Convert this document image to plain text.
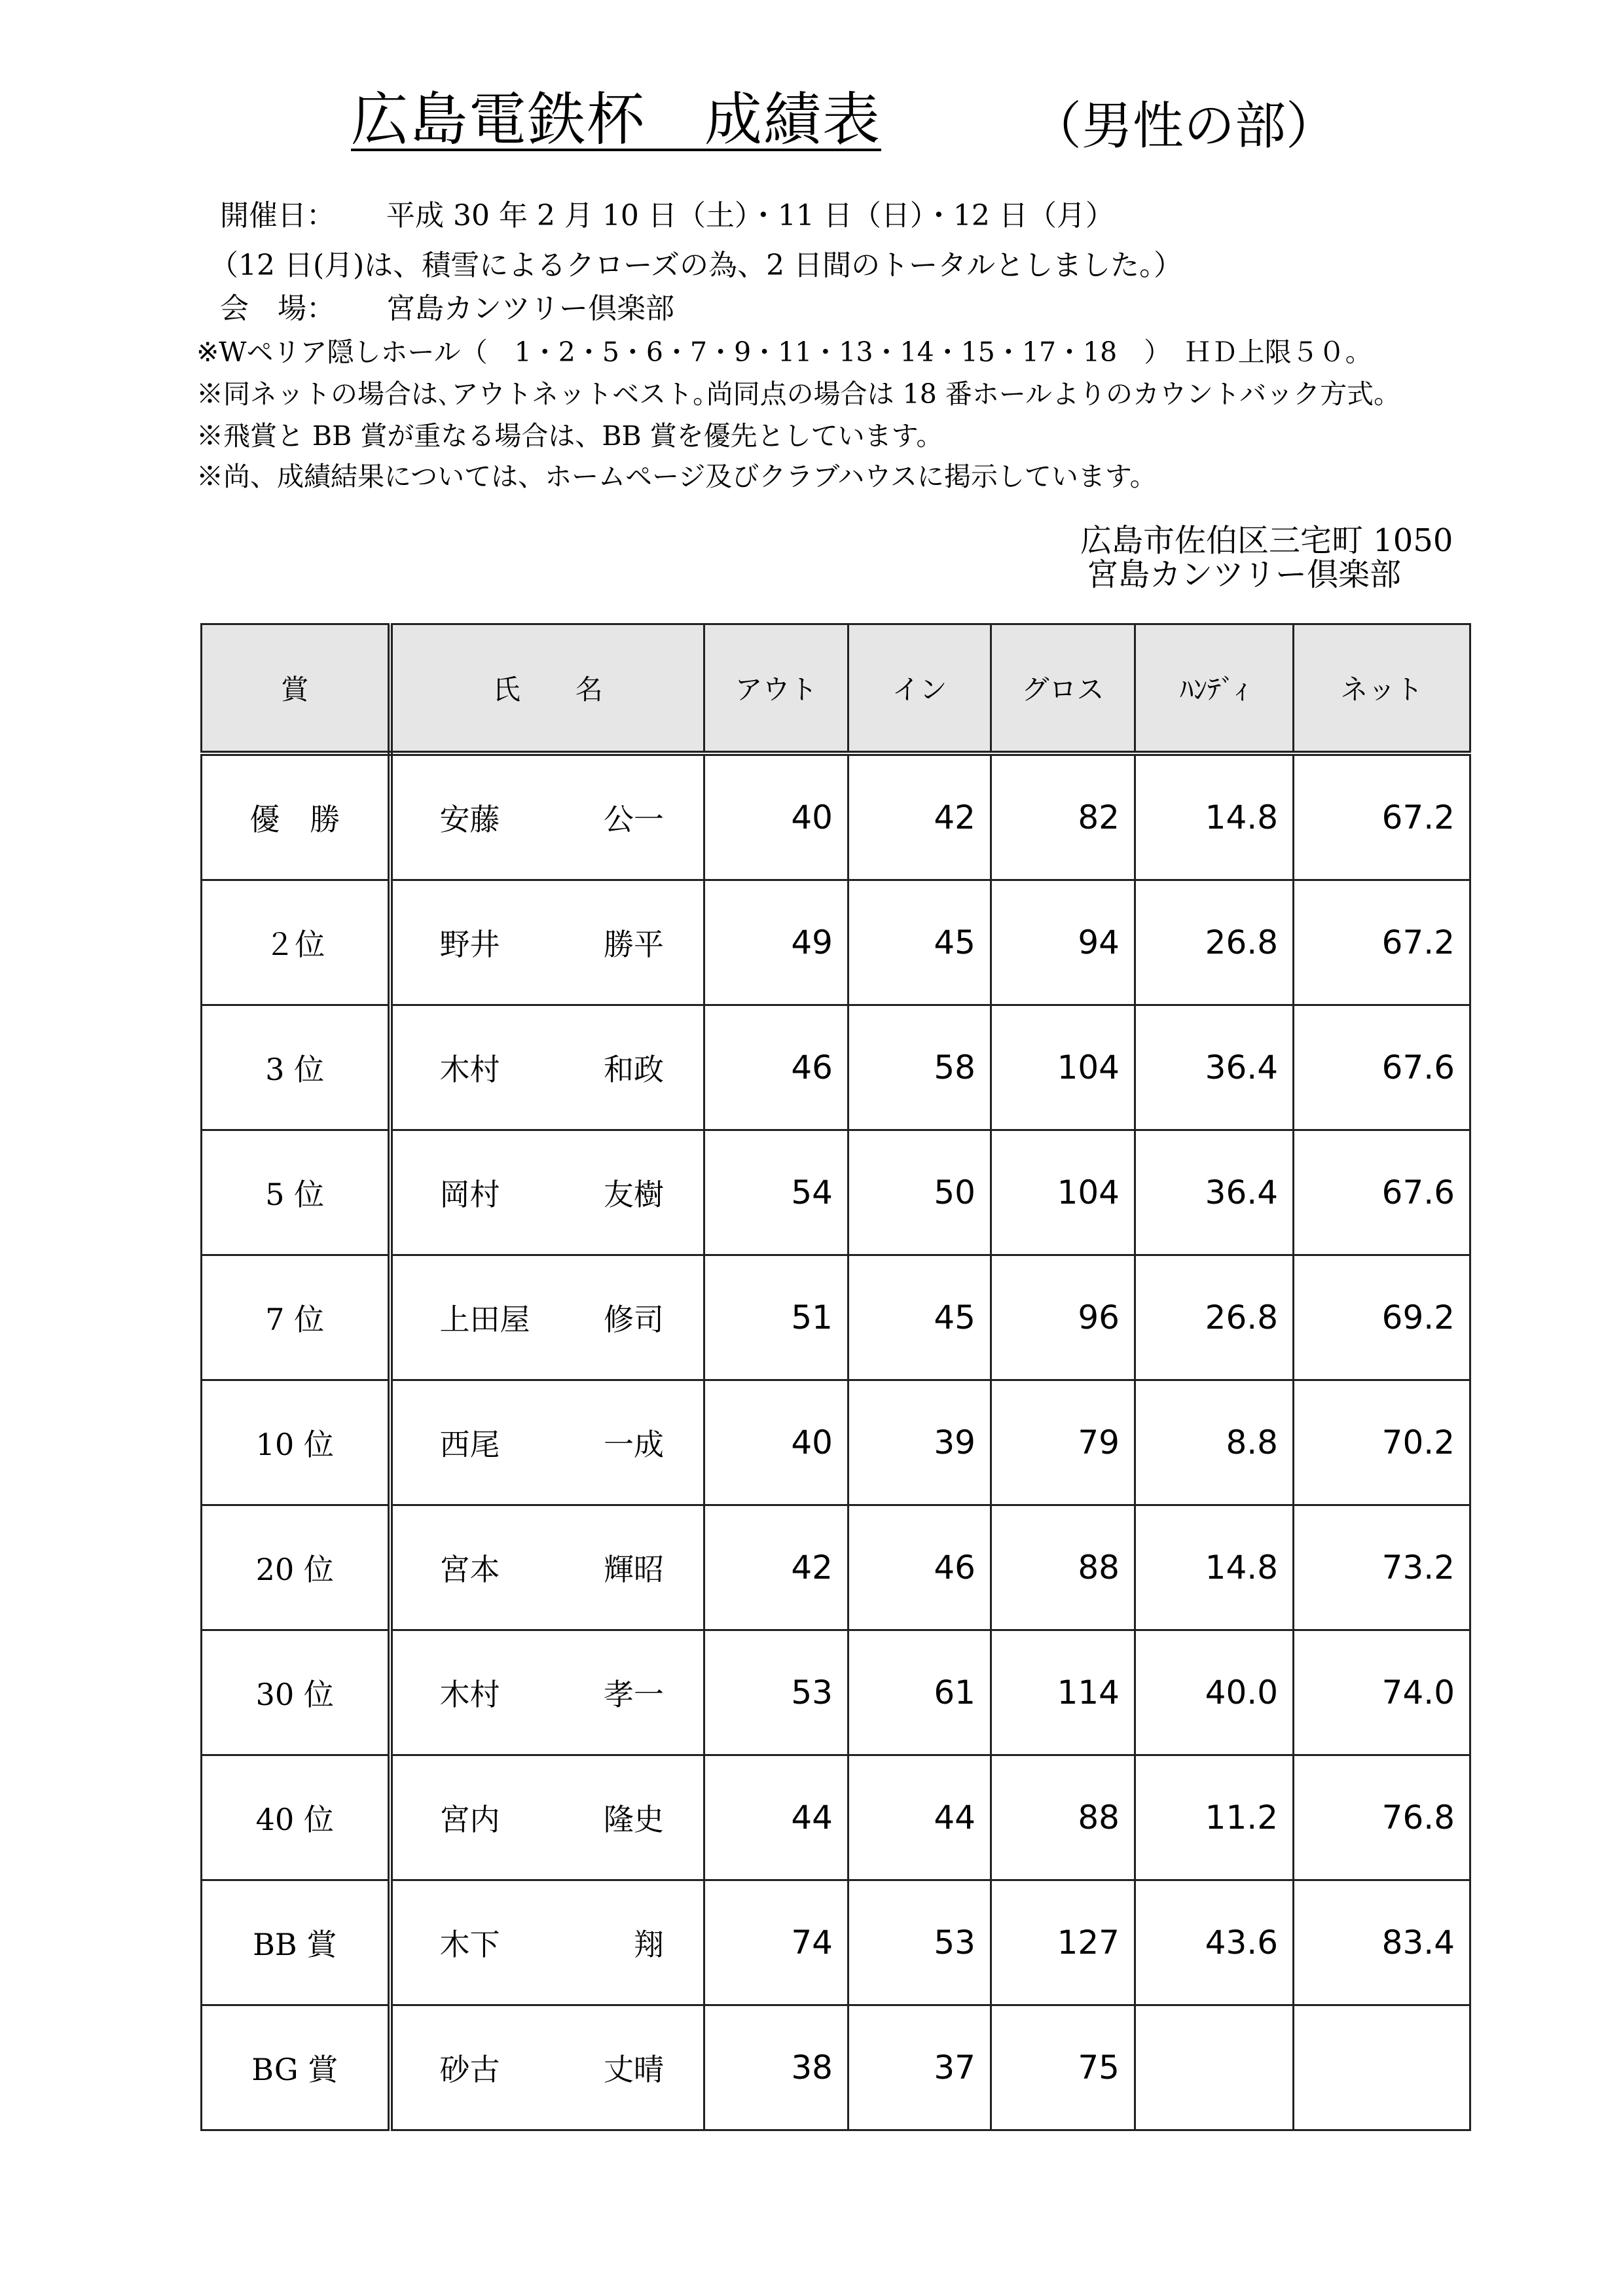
広島電鉄杯　成績表	（男性の部）
開催日： 平成 30 年 2 月 10 日（土）・11 日（日）・12 日（月）
（12 日(月)は、積雪によるクローズの為、2 日間のトータルとしました。）
会　場： 宮島カンツリー倶楽部
※Wペリア隠しホール（　1・2・5・6・7・9・11・13・14・15・17・18　）　ＨＤ上限５０。
※同ネットの場合は､アウトネットベスト｡尚同点の場合は 18 番ホールよりのカウントバック方式｡
※飛賞と BB 賞が重なる場合は、BB 賞を優先としています。
※尚、成績結果については、ホームページ及びクラブハウスに掲示しています。
広島市佐伯区三宅町 1050
宮島カンツリー倶楽部
賞	氏　　名	アウト	イン	グロス	ﾊﾝﾃﾞｨ	ネット
優　勝	安藤 公一	40	42	82	14.8	67.2
２位	野井 勝平	49	45	94	26.8	67.2
3 位	木村 和政	46	58	104	36.4	67.6
5 位	岡村 友樹	54	50	104	36.4	67.6
7 位	上田屋 修司	51	45	96	26.8	69.2
10 位	西尾 一成	40	39	79	8.8	70.2
20 位	宮本 輝昭	42	46	88	14.8	73.2
30 位	木村 孝一	53	61	114	40.0	74.0
40 位	宮内 隆史	44	44	88	11.2	76.8
BB 賞	木下 翔	74	53	127	43.6	83.4
BG 賞	砂古 丈晴	38	37	75		
